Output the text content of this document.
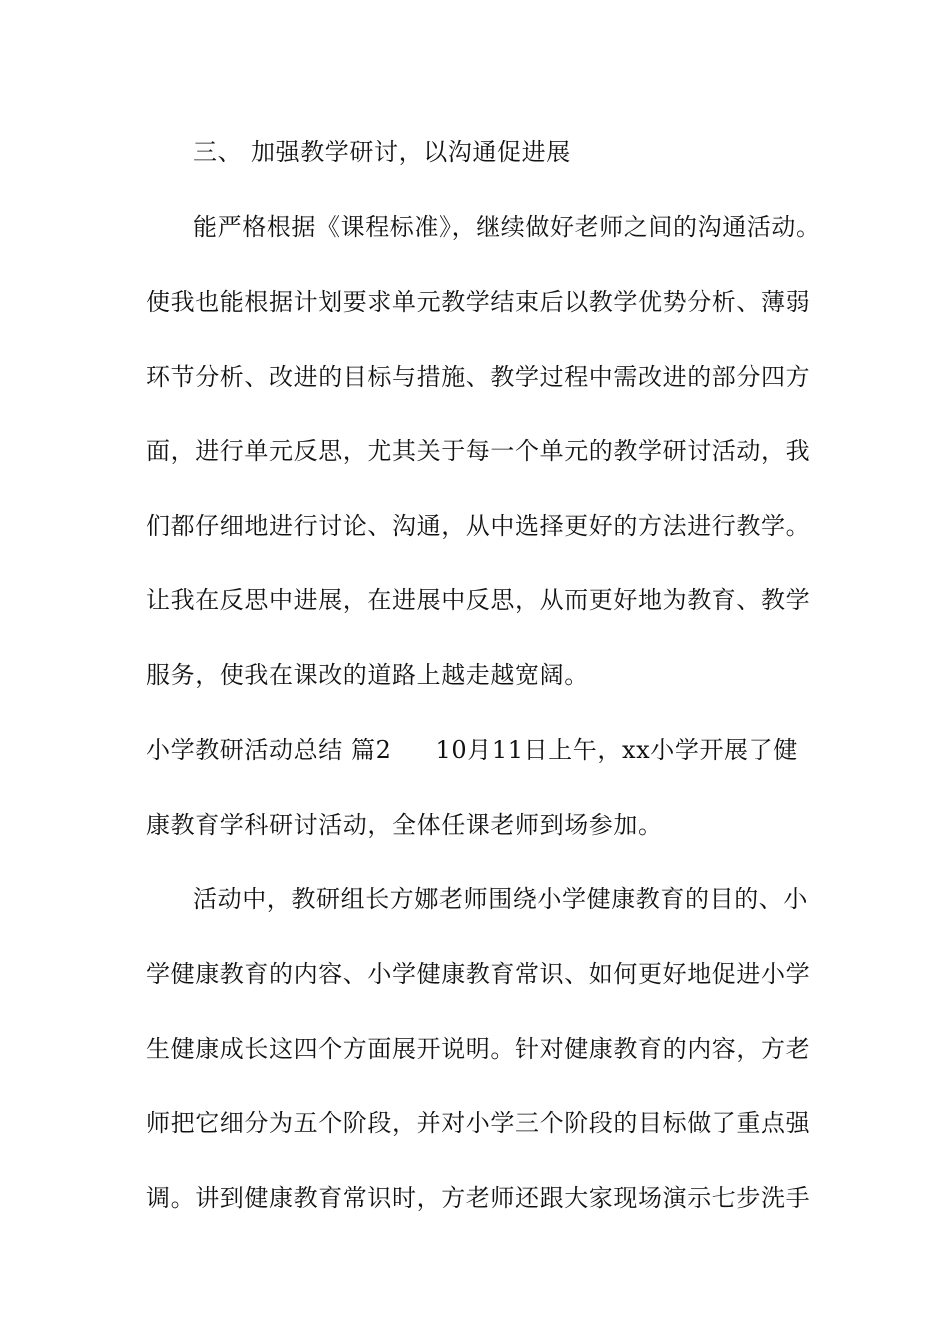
三、 加强教学研讨，以沟通促进展
能严格根据《课程标准》，继续做好老师之间的沟通活动。
使我也能根据计划要求单元教学结束后以教学优势分析、薄弱
环节分析、改进的目标与措施、教学过程中需改进的部分四方
面，进行单元反思，尤其关于每一个单元的教学研讨活动，我
们都仔细地进行讨论、沟通，从中选择更好的方法进行教学。
让我在反思中进展，在进展中反思，从而更好地为教育、教学
服务，使我在课改的道路上越走越宽阔。
小学教研活动总结 篇2 10月11日上午，xx小学开展了健
康教育学科研讨活动，全体任课老师到场参加。
活动中，教研组长方娜老师围绕小学健康教育的目的、小
学健康教育的内容、小学健康教育常识、如何更好地促进小学
生健康成长这四个方面展开说明。针对健康教育的内容，方老
师把它细分为五个阶段，并对小学三个阶段的目标做了重点强
调。讲到健康教育常识时，方老师还跟大家现场演示七步洗手
